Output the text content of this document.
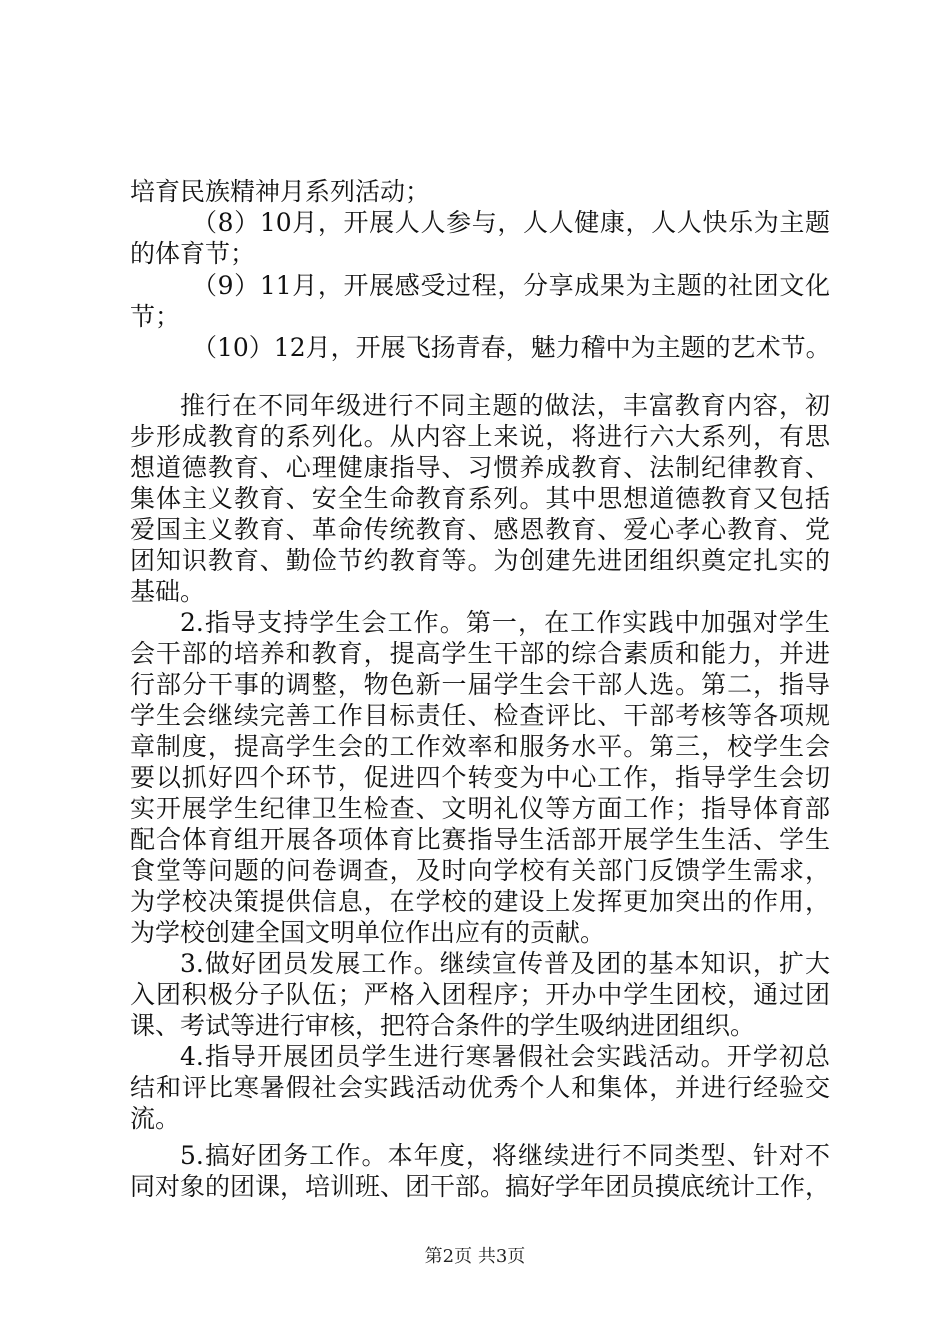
培育民族精神月系列活动；
（8）10月，开展人人参与，人人健康，人人快乐为主题
的体育节；
（9）11月，开展感受过程，分享成果为主题的社团文化
节；
（10）12月，开展飞扬青春，魅力稽中为主题的艺术节。
推行在不同年级进行不同主题的做法，丰富教育内容，初
步形成教育的系列化。从内容上来说，将进行六大系列，有思
想道德教育、心理健康指导、习惯养成教育、法制纪律教育、
集体主义教育、安全生命教育系列。其中思想道德教育又包括
爱国主义教育、革命传统教育、感恩教育、爱心孝心教育、党
团知识教育、勤俭节约教育等。为创建先进团组织奠定扎实的
基础。
2.指导支持学生会工作。第一，在工作实践中加强对学生
会干部的培养和教育，提高学生干部的综合素质和能力，并进
行部分干事的调整，物色新一届学生会干部人选。第二，指导
学生会继续完善工作目标责任、检查评比、干部考核等各项规
章制度，提高学生会的工作效率和服务水平。第三，校学生会
要以抓好四个环节，促进四个转变为中心工作，指导学生会切
实开展学生纪律卫生检查、文明礼仪等方面工作；指导体育部
配合体育组开展各项体育比赛指导生活部开展学生生活、学生
食堂等问题的问卷调查，及时向学校有关部门反馈学生需求，
为学校决策提供信息，在学校的建设上发挥更加突出的作用，
为学校创建全国文明单位作出应有的贡献。
3.做好团员发展工作。继续宣传普及团的基本知识，扩大
入团积极分子队伍；严格入团程序；开办中学生团校，通过团
课、考试等进行审核，把符合条件的学生吸纳进团组织。
4.指导开展团员学生进行寒暑假社会实践活动。开学初总
结和评比寒暑假社会实践活动优秀个人和集体，并进行经验交
流。
5.搞好团务工作。本年度，将继续进行不同类型、针对不
同对象的团课，培训班、团干部。搞好学年团员摸底统计工作，
第2页 共3页
